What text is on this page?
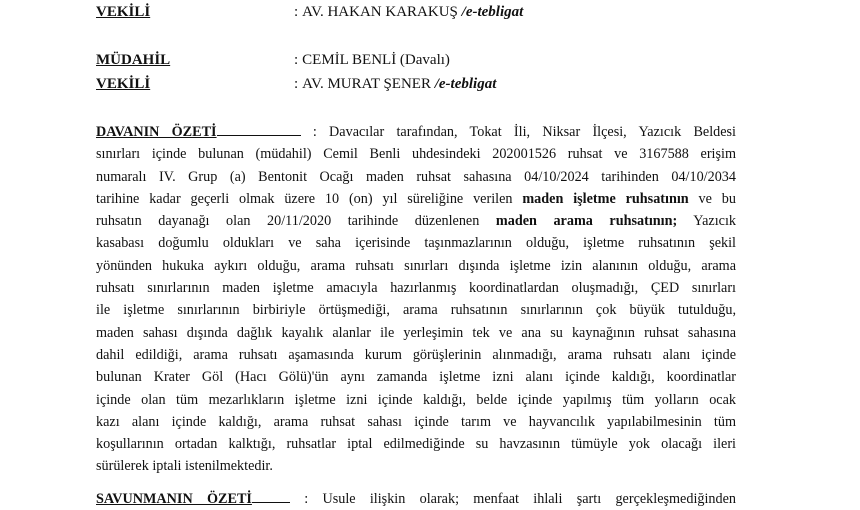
VEKİLİ	: AV. HAKAN KARAKUŞ /e-tebligat
MÜDAHİL	: CEMİL BENLİ (Davalı)
VEKİLİ	: AV. MURAT ŞENER /e-tebligat
DAVANIN ÖZETİ	: Davacılar tarafından, Tokat İli, Niksar İlçesi, Yazıcık Beldesi
sınırları içinde bulunan (müdahil) Cemil Benli uhdesindeki 202001526 ruhsat ve 3167588 erişim
numaralı IV. Grup (a) Bentonit Ocağı maden ruhsat sahasına 04/10/2024 tarihinden 04/10/2034
tarihine kadar geçerli olmak üzere 10 (on) yıl süreliğine verilen maden işletme ruhsatının ve bu
ruhsatın dayanağı olan 20/11/2020 tarihinde düzenlenen maden arama ruhsatının; Yazıcık
kasabası doğumlu oldukları ve saha içerisinde taşınmazlarının olduğu, işletme ruhsatının şekil
yönünden hukuka aykırı olduğu, arama ruhsatı sınırları dışında işletme izin alanının olduğu, arama
ruhsatı sınırlarının maden işletme amacıyla hazırlanmış koordinatlardan oluşmadığı, ÇED sınırları
ile işletme sınırlarının birbiriyle örtüşmediği, arama ruhsatının sınırlarının çok büyük tutulduğu,
maden sahası dışında dağlık kayalık alanlar ile yerleşimin tek ve ana su kaynağının ruhsat sahasına
dahil edildiği, arama ruhsatı aşamasında kurum görüşlerinin alınmadığı, arama ruhsatı alanı içinde
bulunan Krater Göl (Hacı Gölü)'ün aynı zamanda işletme izni alanı içinde kaldığı, koordinatlar
içinde olan tüm mezarlıkların işletme izni içinde kaldığı, belde içinde yapılmış tüm yolların ocak
kazı alanı içinde kaldığı, arama ruhsat sahası içinde tarım ve hayvancılık yapılabilmesinin tüm
koşullarının ortadan kalktığı, ruhsatlar iptal edilmediğinde su havzasının tümüyle yok olacağı ileri
sürülerek iptali istenilmektedir.
SAVUNMANIN ÖZETİ	: Usule ilişkin olarak; menfaat ihlali şartı gerçekleşmediğinden
